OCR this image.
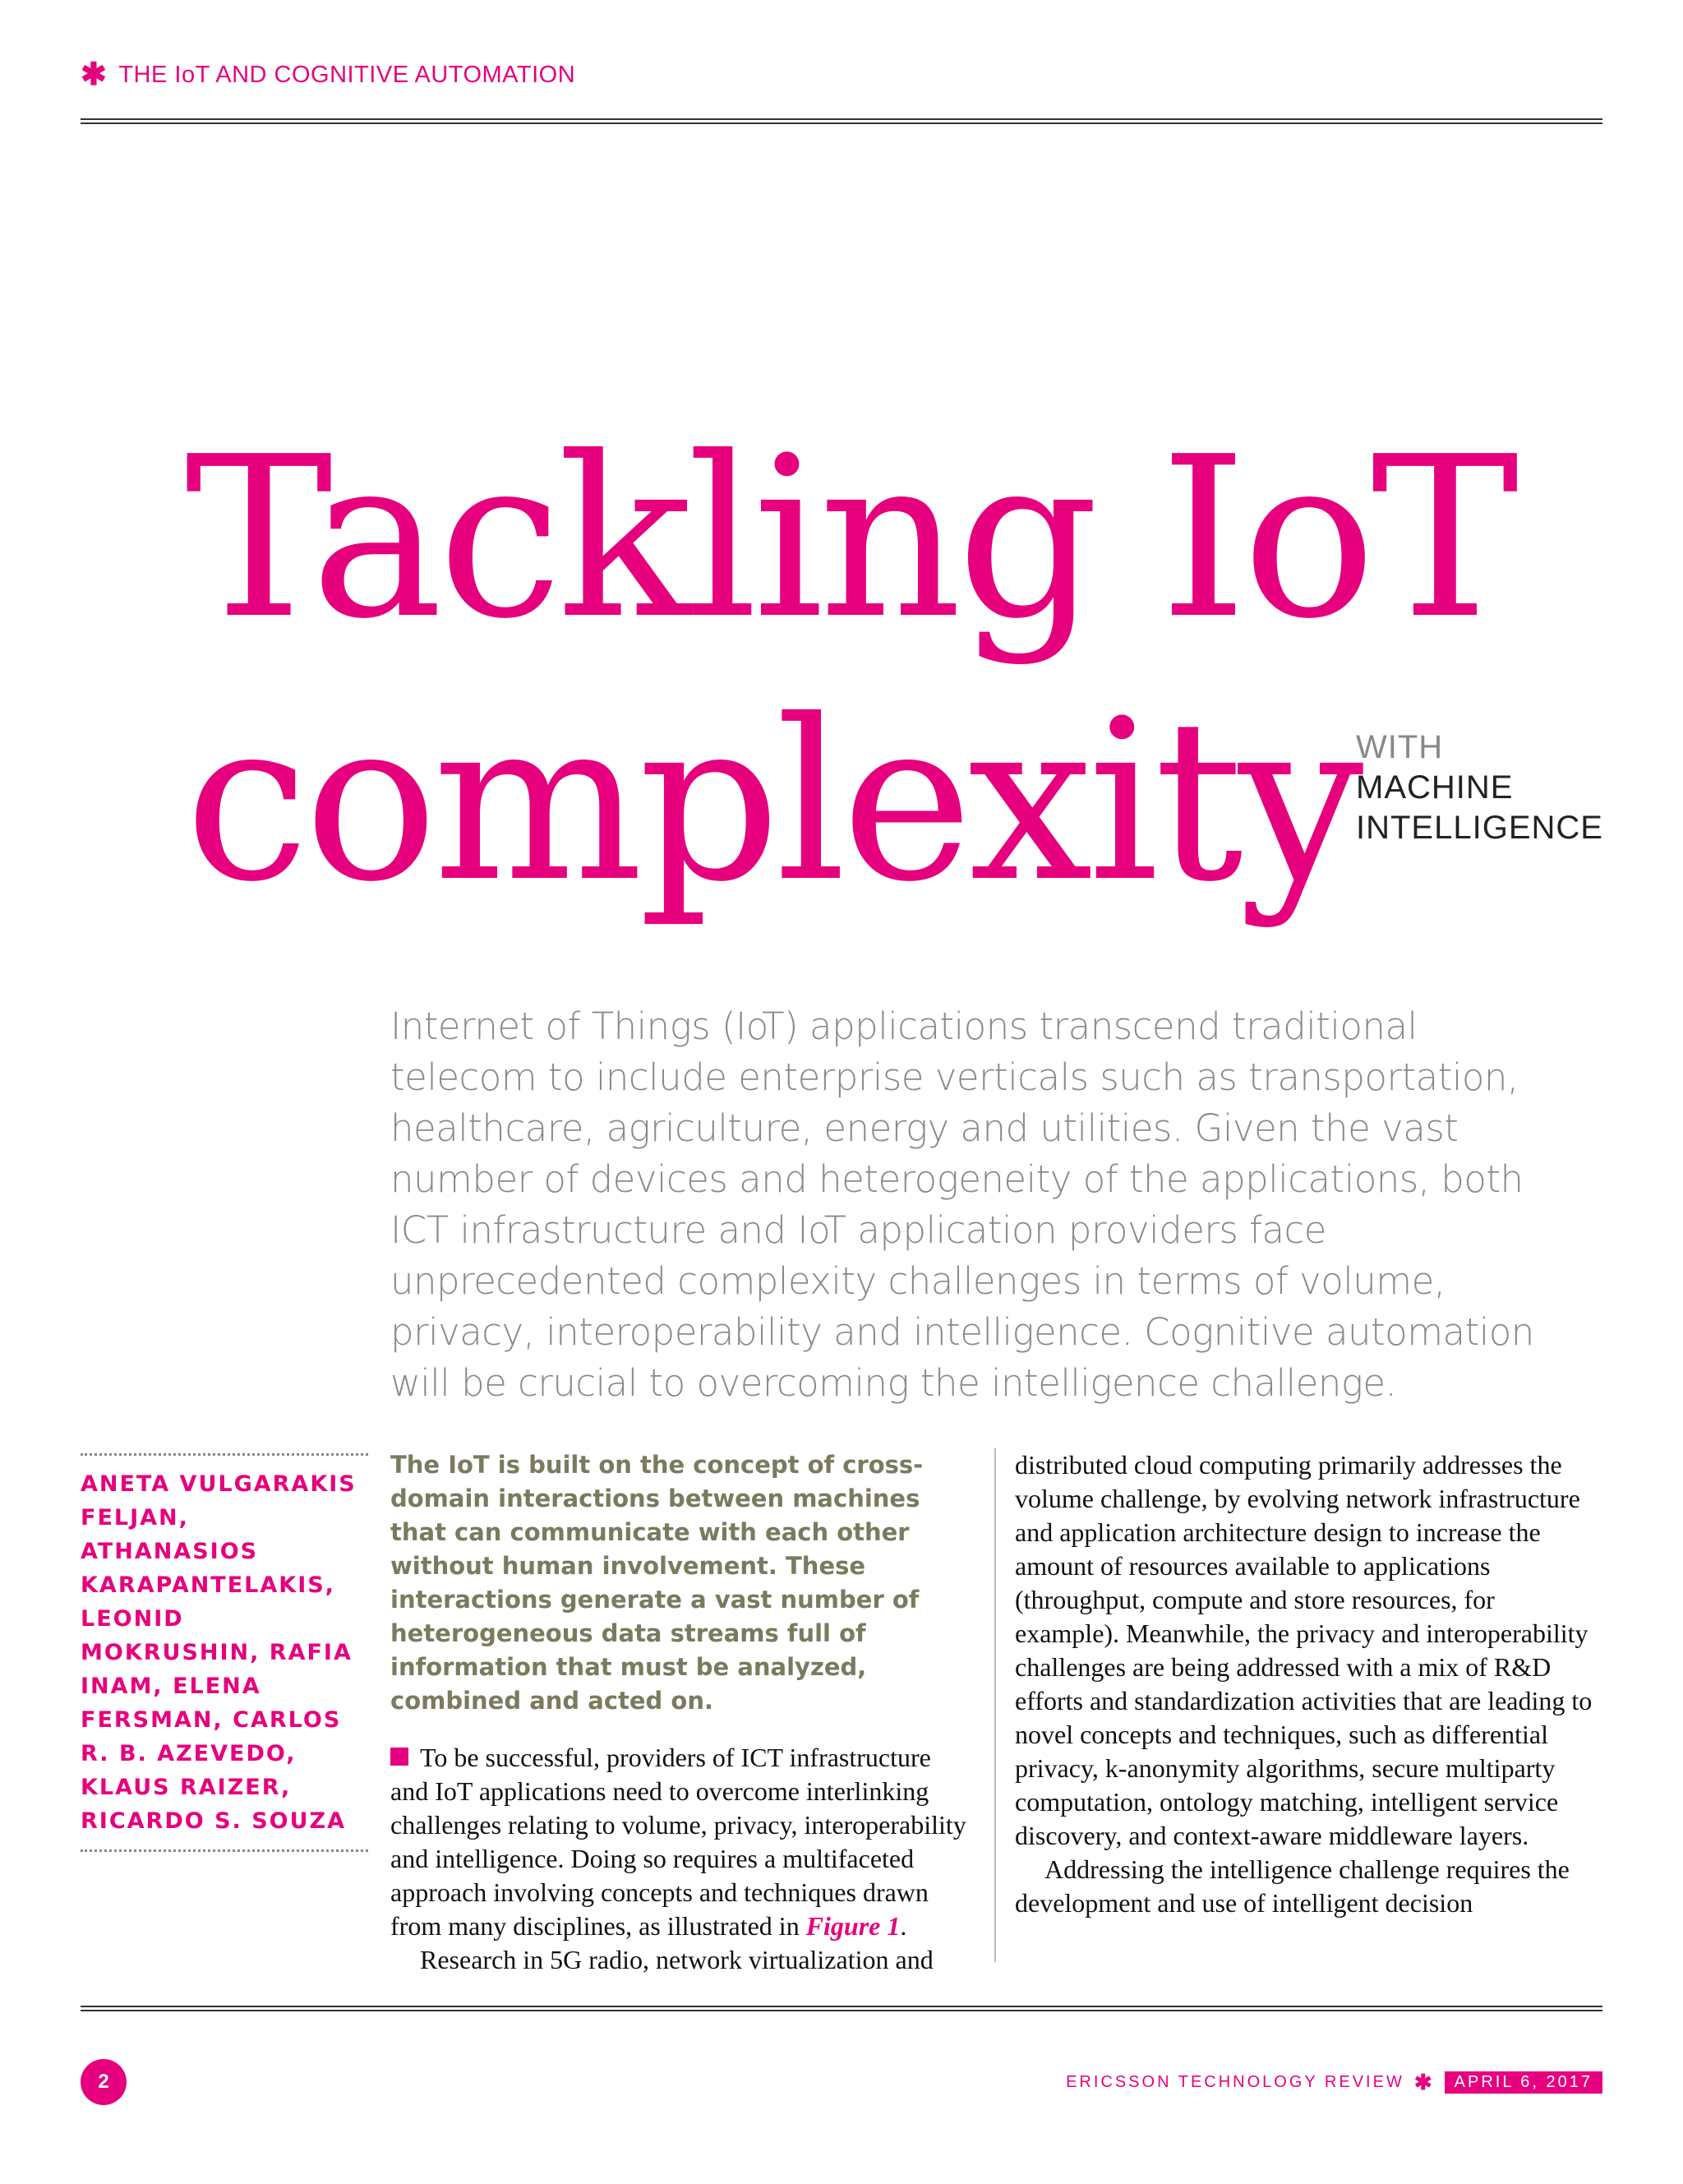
✱ THE IoT AND COGNITIVE AUTOMATION
Tackling IoT
complexity
WITH
MACHINE
INTELLIGENCE

Internet of Things (IoT) applications transcend traditional telecom to include enterprise verticals such as transportation, healthcare, agriculture, energy and utilities. Given the vast number of devices and heterogeneity of the applications, both ICT infrastructure and IoT application providers face unprecedented complexity challenges in terms of volume, privacy, interoperability and intelligence. Cognitive automation will be crucial to overcoming the intelligence challenge.

ANETA VULGARAKIS FELJAN, ATHANASIOS KARAPANTELAKIS, LEONID MOKRUSHIN, RAFIA INAM, ELENA FERSMAN, CARLOS R. B. AZEVEDO, KLAUS RAIZER, RICARDO S. SOUZA

The IoT is built on the concept of cross-domain interactions between machines that can communicate with each other without human involvement. These interactions generate a vast number of heterogeneous data streams full of information that must be analyzed, combined and acted on.

To be successful, providers of ICT infrastructure and IoT applications need to overcome interlinking challenges relating to volume, privacy, interoperability and intelligence. Doing so requires a multifaceted approach involving concepts and techniques drawn from many disciplines, as illustrated in Figure 1.

Research in 5G radio, network virtualization and

distributed cloud computing primarily addresses the volume challenge, by evolving network infrastructure and application architecture design to increase the amount of resources available to applications (throughput, compute and store resources, for example). Meanwhile, the privacy and interoperability challenges are being addressed with a mix of R&D efforts and standardization activities that are leading to novel concepts and techniques, such as differential privacy, k-anonymity algorithms, secure multiparty computation, ontology matching, intelligent service discovery, and context-aware middleware layers.

Addressing the intelligence challenge requires the development and use of intelligent decision

2	ERICSSON TECHNOLOGY REVIEW ✱	APRIL 6, 2017
